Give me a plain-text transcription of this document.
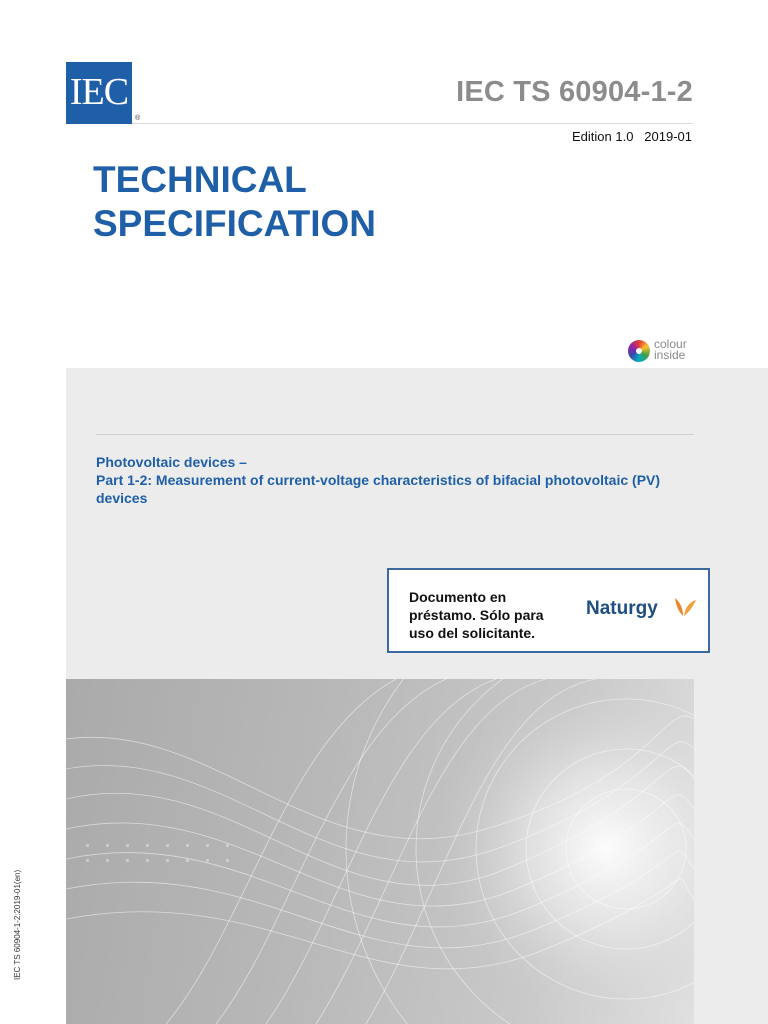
IEC
®
IEC TS 60904-1-2
Edition 1.0   2019-01
TECHNICAL
SPECIFICATION
colour
inside
Photovoltaic devices –
Part 1-2: Measurement of current-voltage characteristics of bifacial photovoltaic (PV) devices
Documento en
préstamo. Sólo para
uso del solicitante.
Naturgy
IEC TS 60904-1-2:2019-01(en)
